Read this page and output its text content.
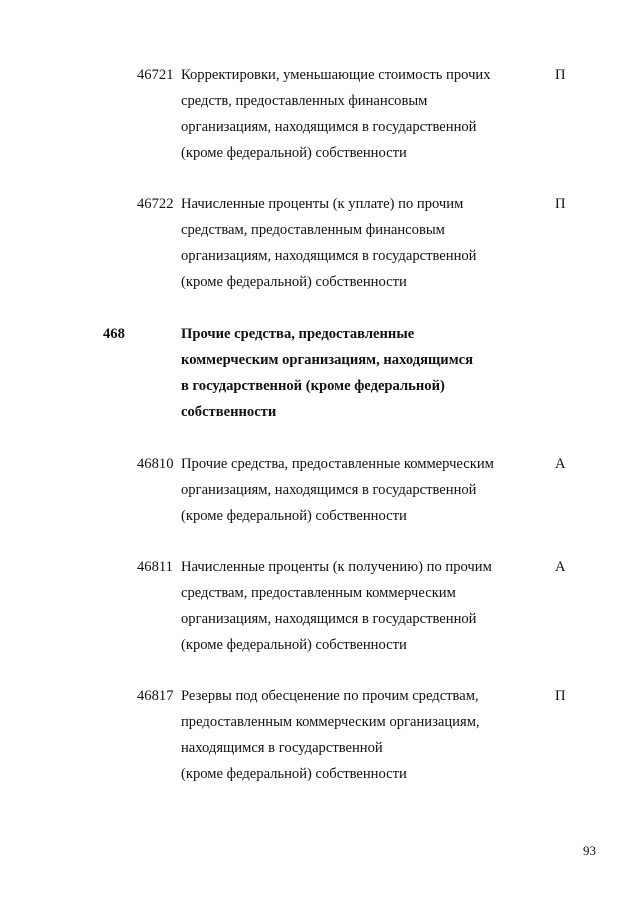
46721 Корректировки, уменьшающие стоимость прочих
средств, предоставленных финансовым
организациям, находящимся в государственной
(кроме федеральной) собственности
П
46722 Начисленные проценты (к уплате) по прочим
средствам, предоставленным финансовым
организациям, находящимся в государственной
(кроме федеральной) собственности
П
468	Прочие средства, предоставленные
коммерческим организациям, находящимся
в государственной (кроме федеральной)
собственности
46810 Прочие средства, предоставленные коммерческим
организациям, находящимся в государственной
(кроме федеральной) собственности
А
46811 Начисленные проценты (к получению) по прочим
средствам, предоставленным коммерческим
организациям, находящимся в государственной
(кроме федеральной) собственности
А
46817 Резервы под обесценение по прочим средствам,
предоставленным коммерческим организациям,
находящимся в государственной
(кроме федеральной) собственности
П
93
